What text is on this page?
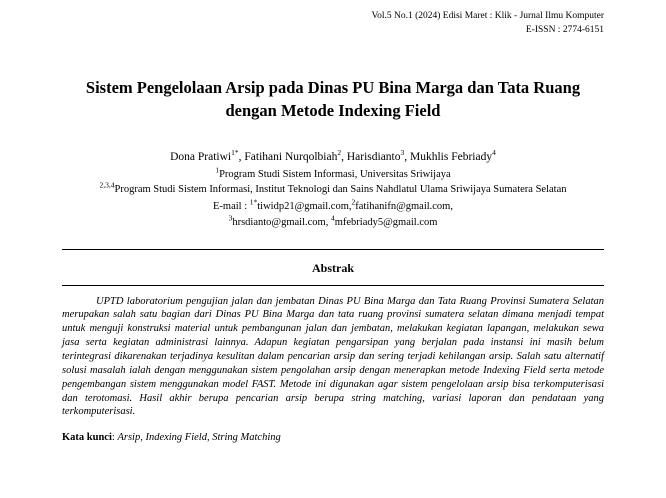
Vol.5 No.1 (2024) Edisi Maret : Klik - Jurnal Ilmu Komputer
E-ISSN : 2774-6151
Sistem Pengelolaan Arsip pada Dinas PU Bina Marga dan Tata Ruang dengan Metode Indexing Field
Dona Pratiwi$^{1*}$, Fatihani Nurqolbiah$^2$, Harisdianto$^3$, Mukhlis Febriady$^4$
$^1$Program Studi Sistem Informasi, Universitas Sriwijaya
$^{2,3,4}$Program Studi Sistem Informasi, Institut Teknologi dan Sains Nahdlatul Ulama Sriwijaya Sumatera Selatan
E-mail : $^{1*}$tiwidp21@gmail.com,$^2$fatihanifn@gmail.com,
$^3$hrsdianto@gmail.com, $^4$mfebriady5@gmail.com
Abstrak
UPTD laboratorium pengujian jalan dan jembatan Dinas PU Bina Marga dan Tata Ruang Provinsi Sumatera Selatan merupakan salah satu bagian dari Dinas PU Bina Marga dan tata ruang provinsi sumatera selatan dimana menjadi tempat untuk menguji konstruksi material untuk pembangunan jalan dan jembatan, melakukan kegiatan lapangan, melakukan sewa jasa serta kegiatan administrasi lainnya. Adapun kegiatan pengarsipan yang berjalan pada instansi ini masih belum terintegrasi dikarenakan terjadinya kesulitan dalam pencarian arsip dan sering terjadi kehilangan arsip. Salah satu alternatif solusi masalah ialah dengan menggunakan sistem pengolahan arsip dengan menerapkan metode Indexing Field serta metode pengembangan sistem menggunakan model FAST. Metode ini digunakan agar sistem pengelolaan arsip bisa terkomputerisasi dan terotomasi. Hasil akhir berupa pencarian arsip berupa string matching, variasi laporan dan pendataan yang terkomputerisasi.
Kata kunci: Arsip, Indexing Field, String Matching
